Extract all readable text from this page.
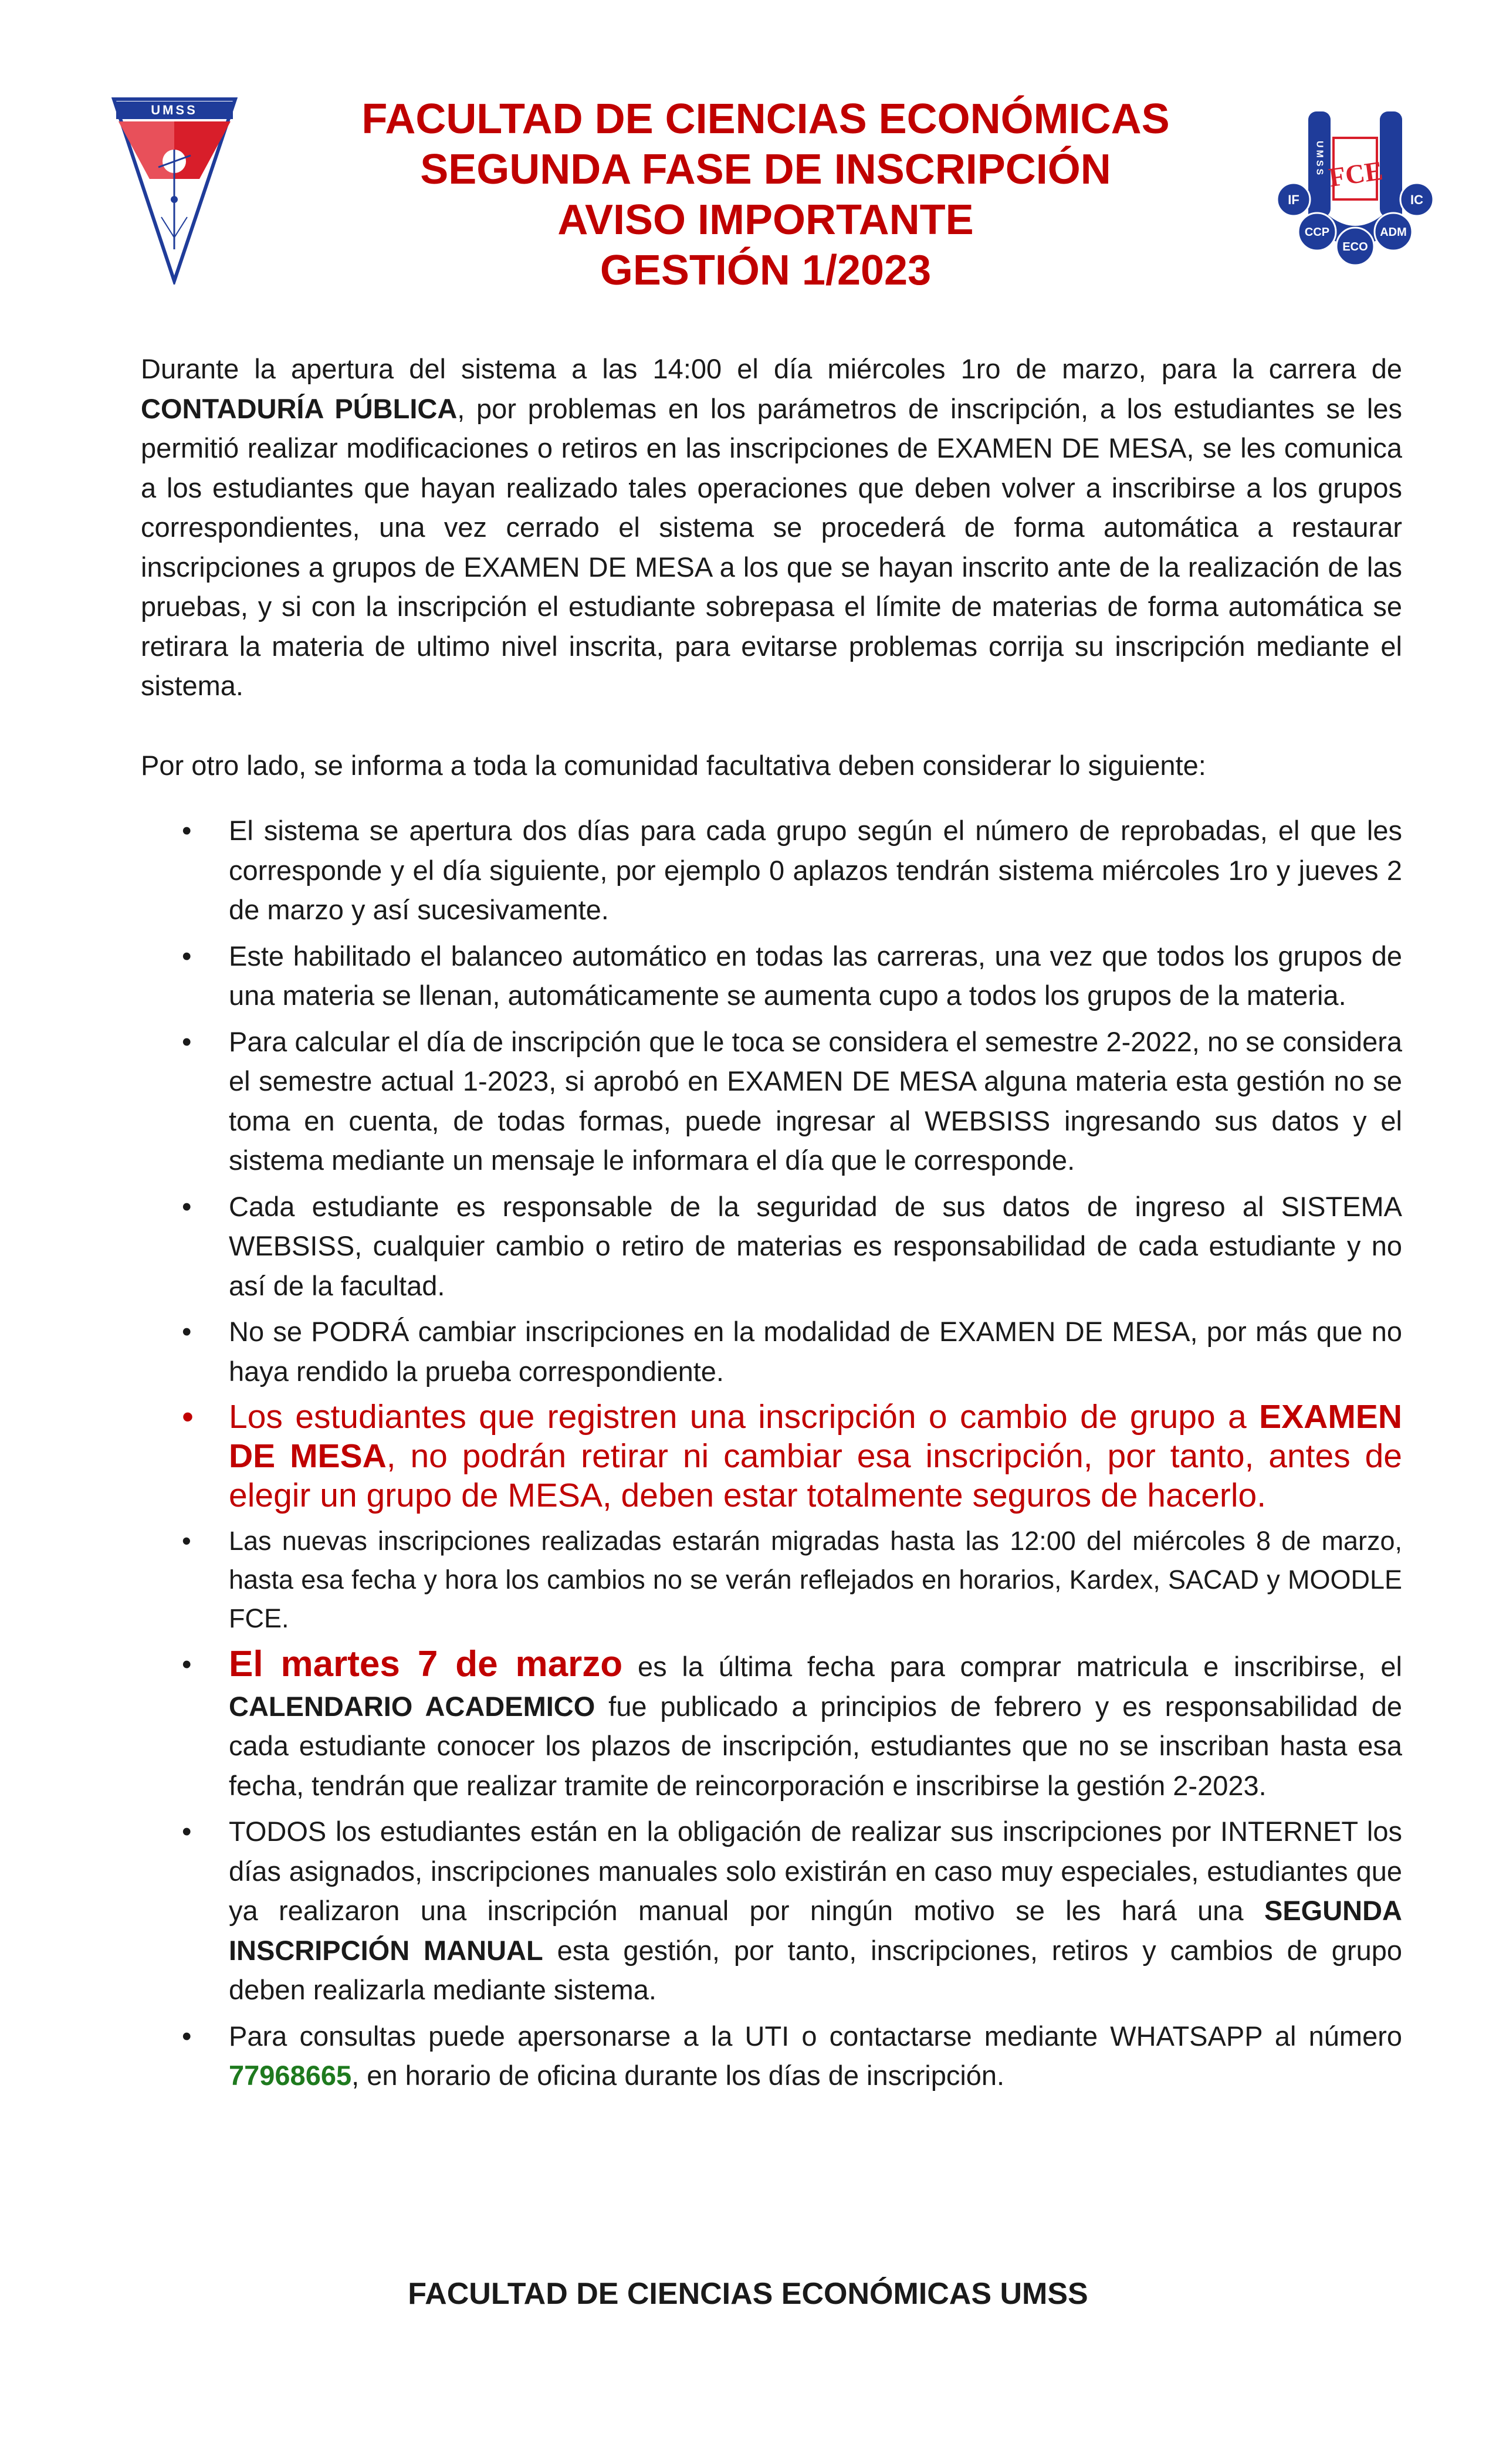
UMSS
FCE
UMSS
IF	IC
CCP
ECO
ADM
FACULTAD DE CIENCIAS ECONÓMICAS
SEGUNDA FASE DE INSCRIPCIÓN
AVISO IMPORTANTE
GESTIÓN 1/2023

Durante la apertura del sistema a las 14:00 el día miércoles 1ro de marzo, para la carrera de CONTADURÍA PÚBLICA, por problemas en los parámetros de inscripción, a los estudiantes se les permitió realizar modificaciones o retiros en las inscripciones de EXAMEN DE MESA, se les comunica a los estudiantes que hayan realizado tales operaciones que deben volver a inscribirse a los grupos correspondientes, una vez cerrado el sistema se procederá de forma automática a restaurar inscripciones a grupos de EXAMEN DE MESA a los que se hayan inscrito ante de la realización de las pruebas, y si con la inscripción el estudiante sobrepasa el límite de materias de forma automática se retirara la materia de ultimo nivel inscrita, para evitarse problemas corrija su inscripción mediante el sistema.

Por otro lado, se informa a toda la comunidad facultativa deben considerar lo siguiente:

• El sistema se apertura dos días para cada grupo según el número de reprobadas, el que les corresponde y el día siguiente, por ejemplo 0 aplazos tendrán sistema miércoles 1ro y jueves 2 de marzo y así sucesivamente.
• Este habilitado el balanceo automático en todas las carreras, una vez que todos los grupos de una materia se llenan, automáticamente se aumenta cupo a todos los grupos de la materia.
• Para calcular el día de inscripción que le toca se considera el semestre 2-2022, no se considera el semestre actual 1-2023, si aprobó en EXAMEN DE MESA alguna materia esta gestión no se toma en cuenta, de todas formas, puede ingresar al WEBSISS ingresando sus datos y el sistema mediante un mensaje le informara el día que le corresponde.
• Cada estudiante es responsable de la seguridad de sus datos de ingreso al SISTEMA WEBSISS, cualquier cambio o retiro de materias es responsabilidad de cada estudiante y no así de la facultad.
• No se PODRÁ cambiar inscripciones en la modalidad de EXAMEN DE MESA, por más que no haya rendido la prueba correspondiente.
• Los estudiantes que registren una inscripción o cambio de grupo a EXAMEN DE MESA, no podrán retirar ni cambiar esa inscripción, por tanto, antes de elegir un grupo de MESA, deben estar totalmente seguros de hacerlo.
• Las nuevas inscripciones realizadas estarán migradas hasta las 12:00 del miércoles 8 de marzo, hasta esa fecha y hora los cambios no se verán reflejados en horarios, Kardex, SACAD y MOODLE FCE.
• El martes 7 de marzo es la última fecha para comprar matricula e inscribirse, el CALENDARIO ACADEMICO fue publicado a principios de febrero y es responsabilidad de cada estudiante conocer los plazos de inscripción, estudiantes que no se inscriban hasta esa fecha, tendrán que realizar tramite de reincorporación e inscribirse la gestión 2-2023.
• TODOS los estudiantes están en la obligación de realizar sus inscripciones por INTERNET los días asignados, inscripciones manuales solo existirán en caso muy especiales, estudiantes que ya realizaron una inscripción manual por ningún motivo se les hará una SEGUNDA INSCRIPCIÓN MANUAL esta gestión, por tanto, inscripciones, retiros y cambios de grupo deben realizarla mediante sistema.
• Para consultas puede apersonarse a la UTI o contactarse mediante WHATSAPP al número 77968665, en horario de oficina durante los días de inscripción.
FACULTAD DE CIENCIAS ECONÓMICAS UMSS
